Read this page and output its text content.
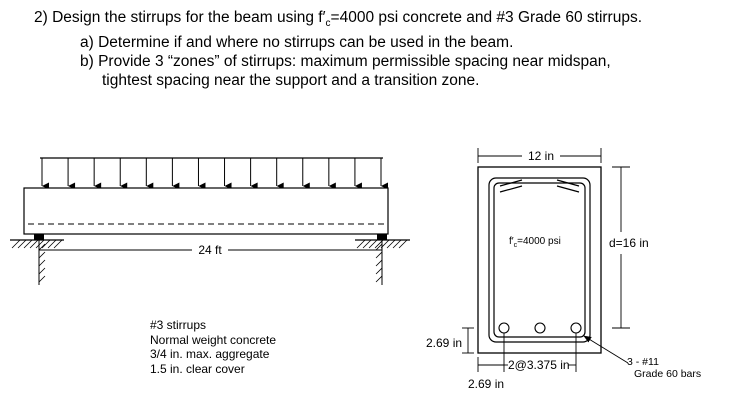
2) Design the stirrups for the beam using $f'_c=4000$ psi concrete and #3 Grade 60 stirrups.

a) Determine if and where no stirrups can be used in the beam.

b) Provide 3 “zones” of stirrups: maximum permissible spacing near midspan,

tightest spacing near the support and a transition zone.

24 ft
$f'_c=4000$ psi
12 in
d=16 in
2.69 in
2@3.375 in
2.69 in
3 - #11
Grade 60 bars
#3 stirrups
Normal weight concrete
3/4 in. max. aggregate
1.5 in. clear cover
